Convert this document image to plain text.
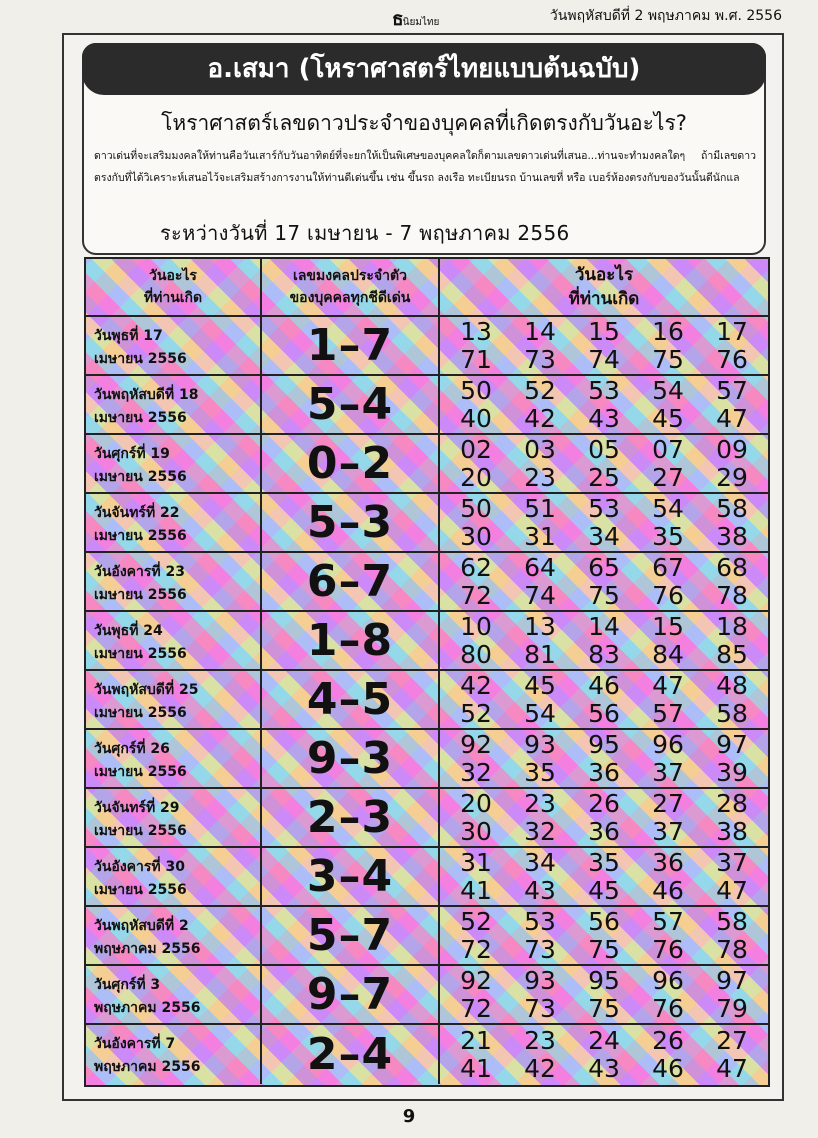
ธนิยมไทย	วันพฤหัสบดีที่ 2 พฤษภาคม พ.ศ. 2556
อ.เสมา (โหราศาสตร์ไทยแบบต้นฉบับ)
โหราศาสตร์เลขดาวประจำของบุคคลที่เกิดตรงกับวันอะไร?
ดาวเด่นที่จะเสริมมงคลให้ท่านคือวันเสาร์กับวันอาทิตย์ที่จะยกให้เป็นพิเศษของบุคคลใดก็ตามเลขดาวเด่นที่เสนอ...ท่านจะทำมงคลใดๆ ถ้ามีเลขดาวตรงกับที่ได้วิเคราะห์เสนอไว้จะเสริมสร้างการงานให้ท่านดีเด่นขึ้น เช่น ขึ้นรถ ลงเรือ ทะเบียนรถ บ้านเลขที่ หรือ เบอร์ห้องตรงกับของวันนั้นดีนักแล
ระหว่างวันที่ 17 เมษายน - 7 พฤษภาคม 2556
วันอะไร
ที่ท่านเกิด
เลขมงคลประจำตัว
ของบุคคลทุกชีดีเด่น
วันอะไร
ที่ท่านเกิด
วันพุธที่ 17
เมษายน 2556	1–7	13 14 15 16 17
71 73 74 75 76
วันพฤหัสบดีที่ 18
เมษายน 2556	5–4	50 52 53 54 57
40 42 43 45 47
วันศุกร์ที่ 19
เมษายน 2556	0–2	02 03 05 07 09
20 23 25 27 29
วันจันทร์ที่ 22
เมษายน 2556	5–3	50 51 53 54 58
30 31 34 35 38
วันอังคารที่ 23
เมษายน 2556	6–7	62 64 65 67 68
72 74 75 76 78
วันพุธที่ 24
เมษายน 2556	1–8	10 13 14 15 18
80 81 83 84 85
วันพฤหัสบดีที่ 25
เมษายน 2556	4–5	42 45 46 47 48
52 54 56 57 58
วันศุกร์ที่ 26
เมษายน 2556	9–3	92 93 95 96 97
32 35 36 37 39
วันจันทร์ที่ 29
เมษายน 2556	2–3	20 23 26 27 28
30 32 36 37 38
วันอังคารที่ 30
เมษายน 2556	3–4	31 34 35 36 37
41 43 45 46 47
วันพฤหัสบดีที่ 2
พฤษภาคม 2556	5–7	52 53 56 57 58
72 73 75 76 78
วันศุกร์ที่ 3
พฤษภาคม 2556	9–7	92 93 95 96 97
72 73 75 76 79
วันอังคารที่ 7
พฤษภาคม 2556	2–4	21 23 24 26 27
41 42 43 46 47
9
